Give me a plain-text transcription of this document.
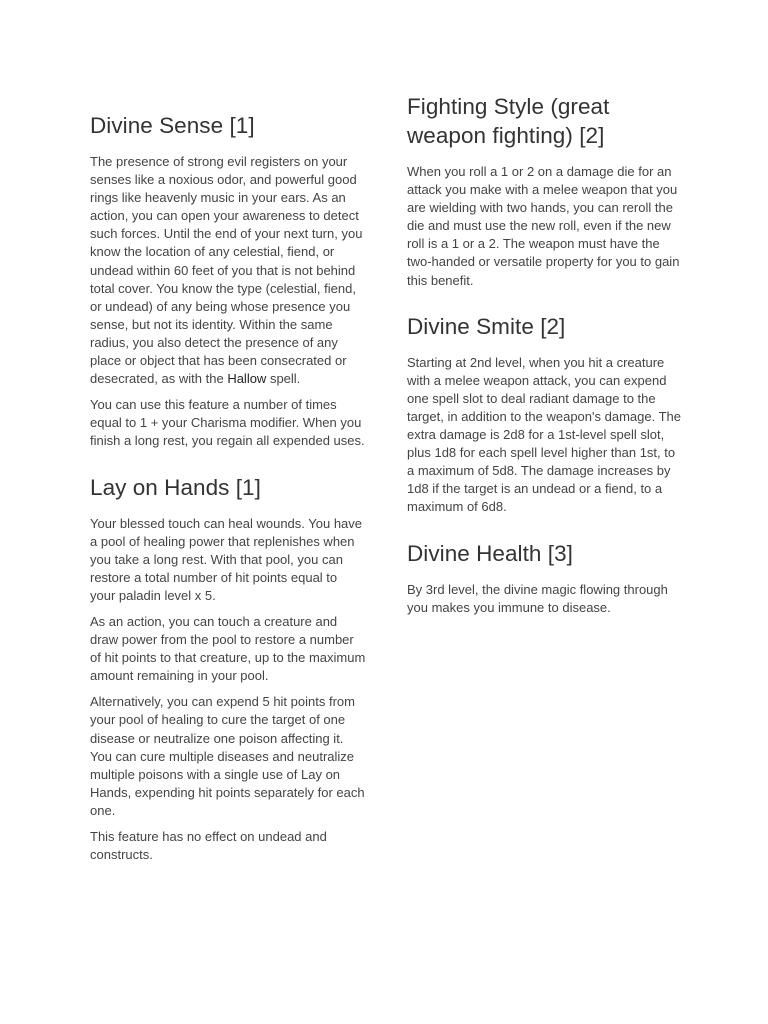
Divine Sense [1]

The presence of strong evil registers on your senses like a noxious odor, and powerful good rings like heavenly music in your ears. As an action, you can open your awareness to detect such forces. Until the end of your next turn, you know the location of any celestial, fiend, or undead within 60 feet of you that is not behind total cover. You know the type (celestial, fiend, or undead) of any being whose presence you sense, but not its identity. Within the same radius, you also detect the presence of any place or object that has been consecrated or desecrated, as with the Hallow spell.

You can use this feature a number of times equal to 1 + your Charisma modifier. When you finish a long rest, you regain all expended uses.

Lay on Hands [1]

Your blessed touch can heal wounds. You have a pool of healing power that replenishes when you take a long rest. With that pool, you can restore a total number of hit points equal to your paladin level x 5.

As an action, you can touch a creature and draw power from the pool to restore a number of hit points to that creature, up to the maximum amount remaining in your pool.

Alternatively, you can expend 5 hit points from your pool of healing to cure the target of one disease or neutralize one poison affecting it. You can cure multiple diseases and neutralize multiple poisons with a single use of Lay on Hands, expending hit points separately for each one.

This feature has no effect on undead and constructs.

Fighting Style (great weapon fighting) [2]

When you roll a 1 or 2 on a damage die for an attack you make with a melee weapon that you are wielding with two hands, you can reroll the die and must use the new roll, even if the new roll is a 1 or a 2. The weapon must have the two-handed or versatile property for you to gain this benefit.

Divine Smite [2]

Starting at 2nd level, when you hit a creature with a melee weapon attack, you can expend one spell slot to deal radiant damage to the target, in addition to the weapon's damage. The extra damage is 2d8 for a 1st-level spell slot, plus 1d8 for each spell level higher than 1st, to a maximum of 5d8. The damage increases by 1d8 if the target is an undead or a fiend, to a maximum of 6d8.

Divine Health [3]

By 3rd level, the divine magic flowing through you makes you immune to disease.
